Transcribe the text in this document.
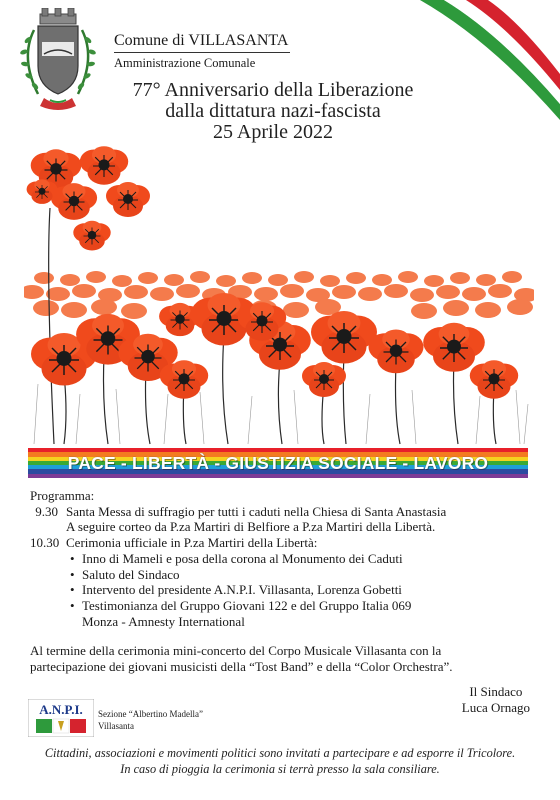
Comune di VILLASANTA
Amministrazione Comunale
77° Anniversario della Liberazione
dalla dittatura nazi-fascista
25 Aprile 2022
PACE - LIBERTÀ - GIUSTIZIA SOCIALE - LAVORO
Programma:
9.30 Santa Messa di suffragio per tutti i caduti nella Chiesa di Santa Anastasia
A seguire corteo da P.za Martiri di Belfiore a P.za Martiri della Libertà.
10.30 Cerimonia ufficiale in P.za Martiri della Libertà:
• Inno di Mameli e posa della corona al Monumento dei Caduti
• Saluto del Sindaco
• Intervento del presidente A.N.P.I. Villasanta, Lorenza Gobetti
• Testimonianza del Gruppo Giovani 122 e del Gruppo Italia 069
Monza - Amnesty International
Al termine della cerimonia mini-concerto del Corpo Musicale Villasanta con la
partecipazione dei giovani musicisti della “Tost Band” e della “Color Orchestra”.
Il Sindaco
Luca Ornago
A.N.P.I. Sezione “Albertino Madella”
Villasanta
Cittadini, associazioni e movimenti politici sono invitati a partecipare e ad esporre il Tricolore.
In caso di pioggia la cerimonia si terrà presso la sala consiliare.
